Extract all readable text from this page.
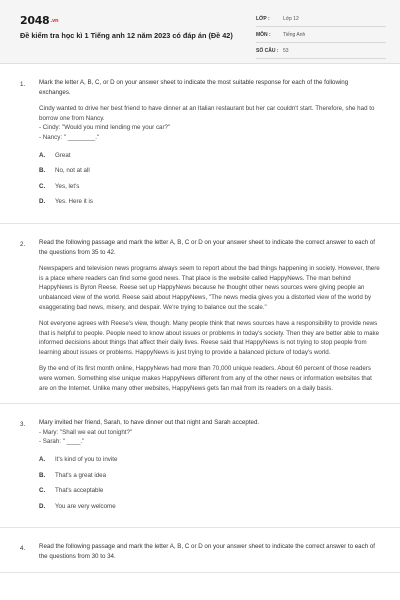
2048.vn
Đề kiểm tra học kì 1 Tiếng anh 12 năm 2023 có đáp án (Đề 42)
LỚP :	Lớp 12
MÔN : Tiếng Anh
SỐ CÂU : 53
1. Mark the letter A, B, C, or D on your answer sheet to indicate the most suitable response for each of the following exchanges.
Cindy wanted to drive her best friend to have dinner at an Italian restaurant but her car couldn't start. Therefore, she had to borrow one from Nancy.
- Cindy: "Would you mind lending me your car?"
- Nancy: " ________."
A. Great
B. No, not at all
C. Yes, let's
D. Yes. Here it is
2. Read the following passage and mark the letter A, B, C or D on your answer sheet to indicate the correct answer to each of the questions from 35 to 42.
Newspapers and television news programs always seem to report about the bad things happening in society. However, there is a place where readers can find some good news. That place is the website called HappyNews. The man behind HappyNews is Byron Reese. Reese set up HappyNews because he thought other news sources were giving people an unbalanced view of the world. Reese said about HappyNews, "The news media gives you a distorted view of the world by exaggerating bad news, misery, and despair. We're trying to balance out the scale."
Not everyone agrees with Reese's view, though. Many people think that news sources have a responsibility to provide news that is helpful to people. People need to know about issues or problems in today's society. Then they are better able to make informed decisions about things that affect their daily lives. Reese said that HappyNews is not trying to stop people from learning about issues or problems. HappyNews is just trying to provide a balanced picture of today's world.
By the end of its first month online, HappyNews had more than 70,000 unique readers. About 60 percent of those readers were women. Something else unique makes HappyNews different from any of the other news or information websites that are on the Internet. Unlike many other websites, HappyNews gets fan mail from its readers on a daily basis.
3. Mary invited her friend, Sarah, to have dinner out that night and Sarah accepted.
- Mary: "Shall we eat out tonight?"
- Sarah: " ____."
A. It's kind of you to invite
B. That's a great idea
C. That's acceptable
D. You are very welcome
4. Read the following passage and mark the letter A, B, C or D on your answer sheet to indicate the correct answer to each of the questions from 30 to 34.
